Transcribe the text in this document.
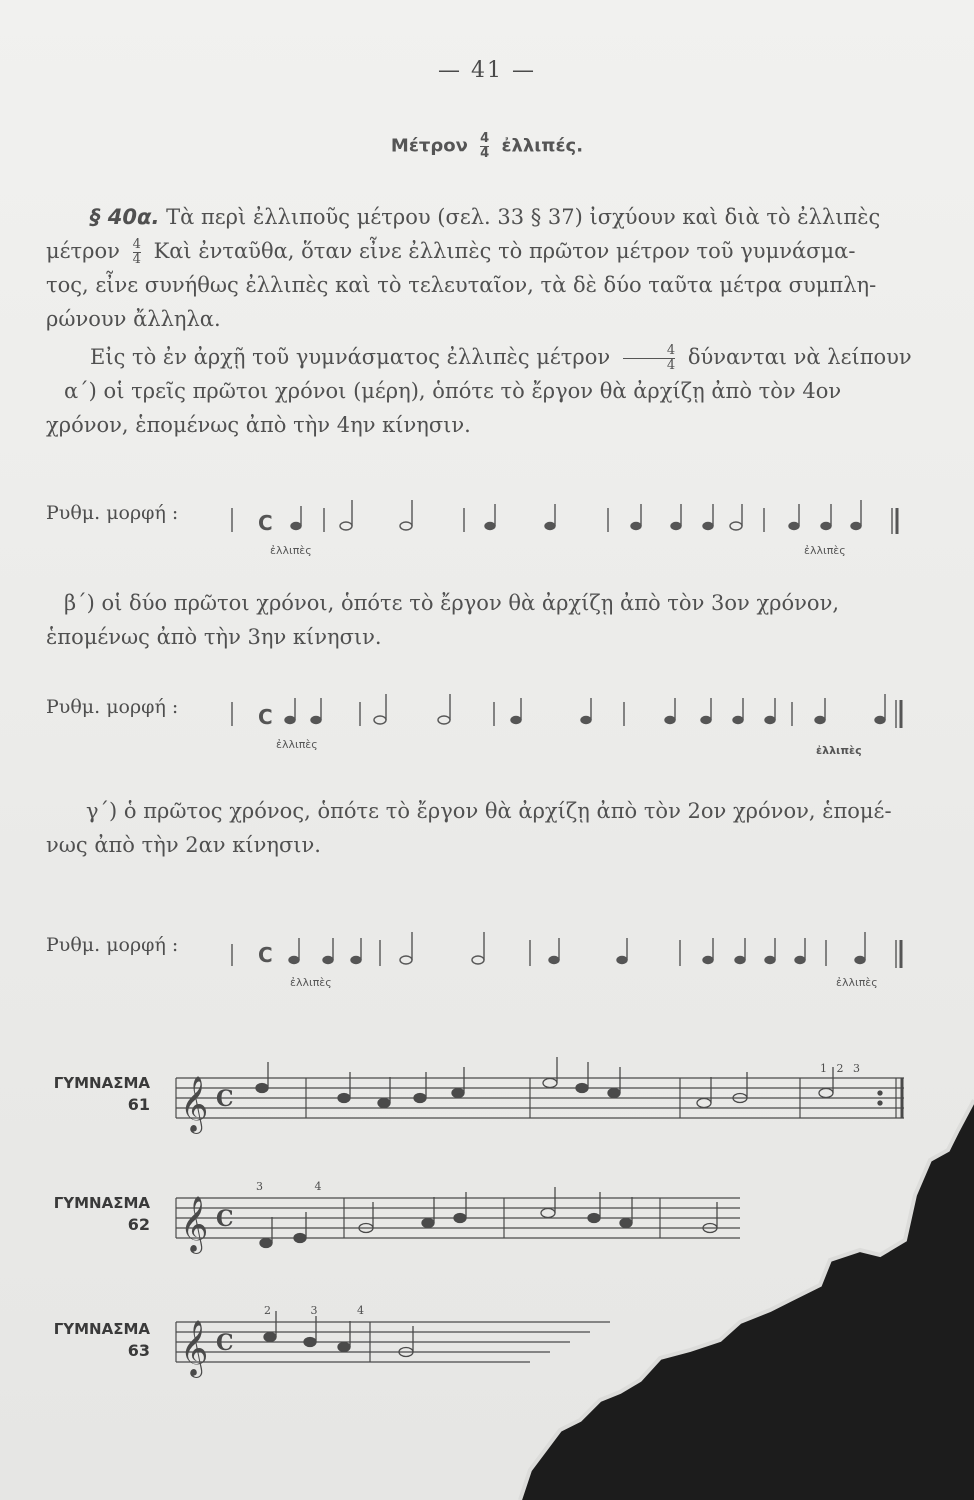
— 41 —
Μέτρον $\frac{4}{4}$ ἐλλιπές.
§ 40α. Τὰ περὶ ἐλλιποῦς μέτρου (σελ. 33 § 37) ἰσχύουν καὶ διὰ τὸ ἐλλιπὲς
μέτρον $\frac{4}{4}$ Καὶ ἐνταῦθα, ὅταν εἶνε ἐλλιπὲς τὸ πρῶτον μέτρον τοῦ γυμνάσμα-
τος, εἶνε συνήθως ἐλλιπὲς καὶ τὸ τελευταῖον, τὰ δὲ δύο ταῦτα μέτρα συμπλη-
ρώνουν ἄλληλα.
Εἰς τὸ ἐν ἀρχῇ τοῦ γυμνάσματος ἐλλιπὲς μέτρον $\frac{4}{4}$ δύνανται νὰ λείπουν
α΄) οἱ τρεῖς πρῶτοι χρόνοι (μέρη), ὁπότε τὸ ἔργον θὰ ἀρχίζῃ ἀπὸ τὸν 4ον
χρόνον, ἑπομένως ἀπὸ τὴν 4ην κίνησιν.
Ρυθμ. μορφή :
ἐλλιπὲς	ἐλλιπὲς
β΄) οἱ δύο πρῶτοι χρόνοι, ὁπότε τὸ ἔργον θὰ ἀρχίζῃ ἀπὸ τὸν 3ον χρόνον,
ἑπομένως ἀπὸ τὴν 3ην κίνησιν.
Ρυθμ. μορφή :
ἐλλιπὲς	ἐλλιπὲς
γ΄) ὁ πρῶτος χρόνος, ὁπότε τὸ ἔργον θὰ ἀρχίζῃ ἀπὸ τὸν 2ον χρόνον, ἑπομέ-
νως ἀπὸ τὴν 2αν κίνησιν.
Ρυθμ. μορφή :
ἐλλιπὲς	ἐλλιπὲς
ΓΥΜΝΑΣΜΑ
61
ΓΥΜΝΑΣΜΑ
62
ΓΥΜΝΑΣΜΑ
63
1 2 3
3 4
2 3 4
C
C
C
𝄞
𝄞
𝄞
C
C
C
